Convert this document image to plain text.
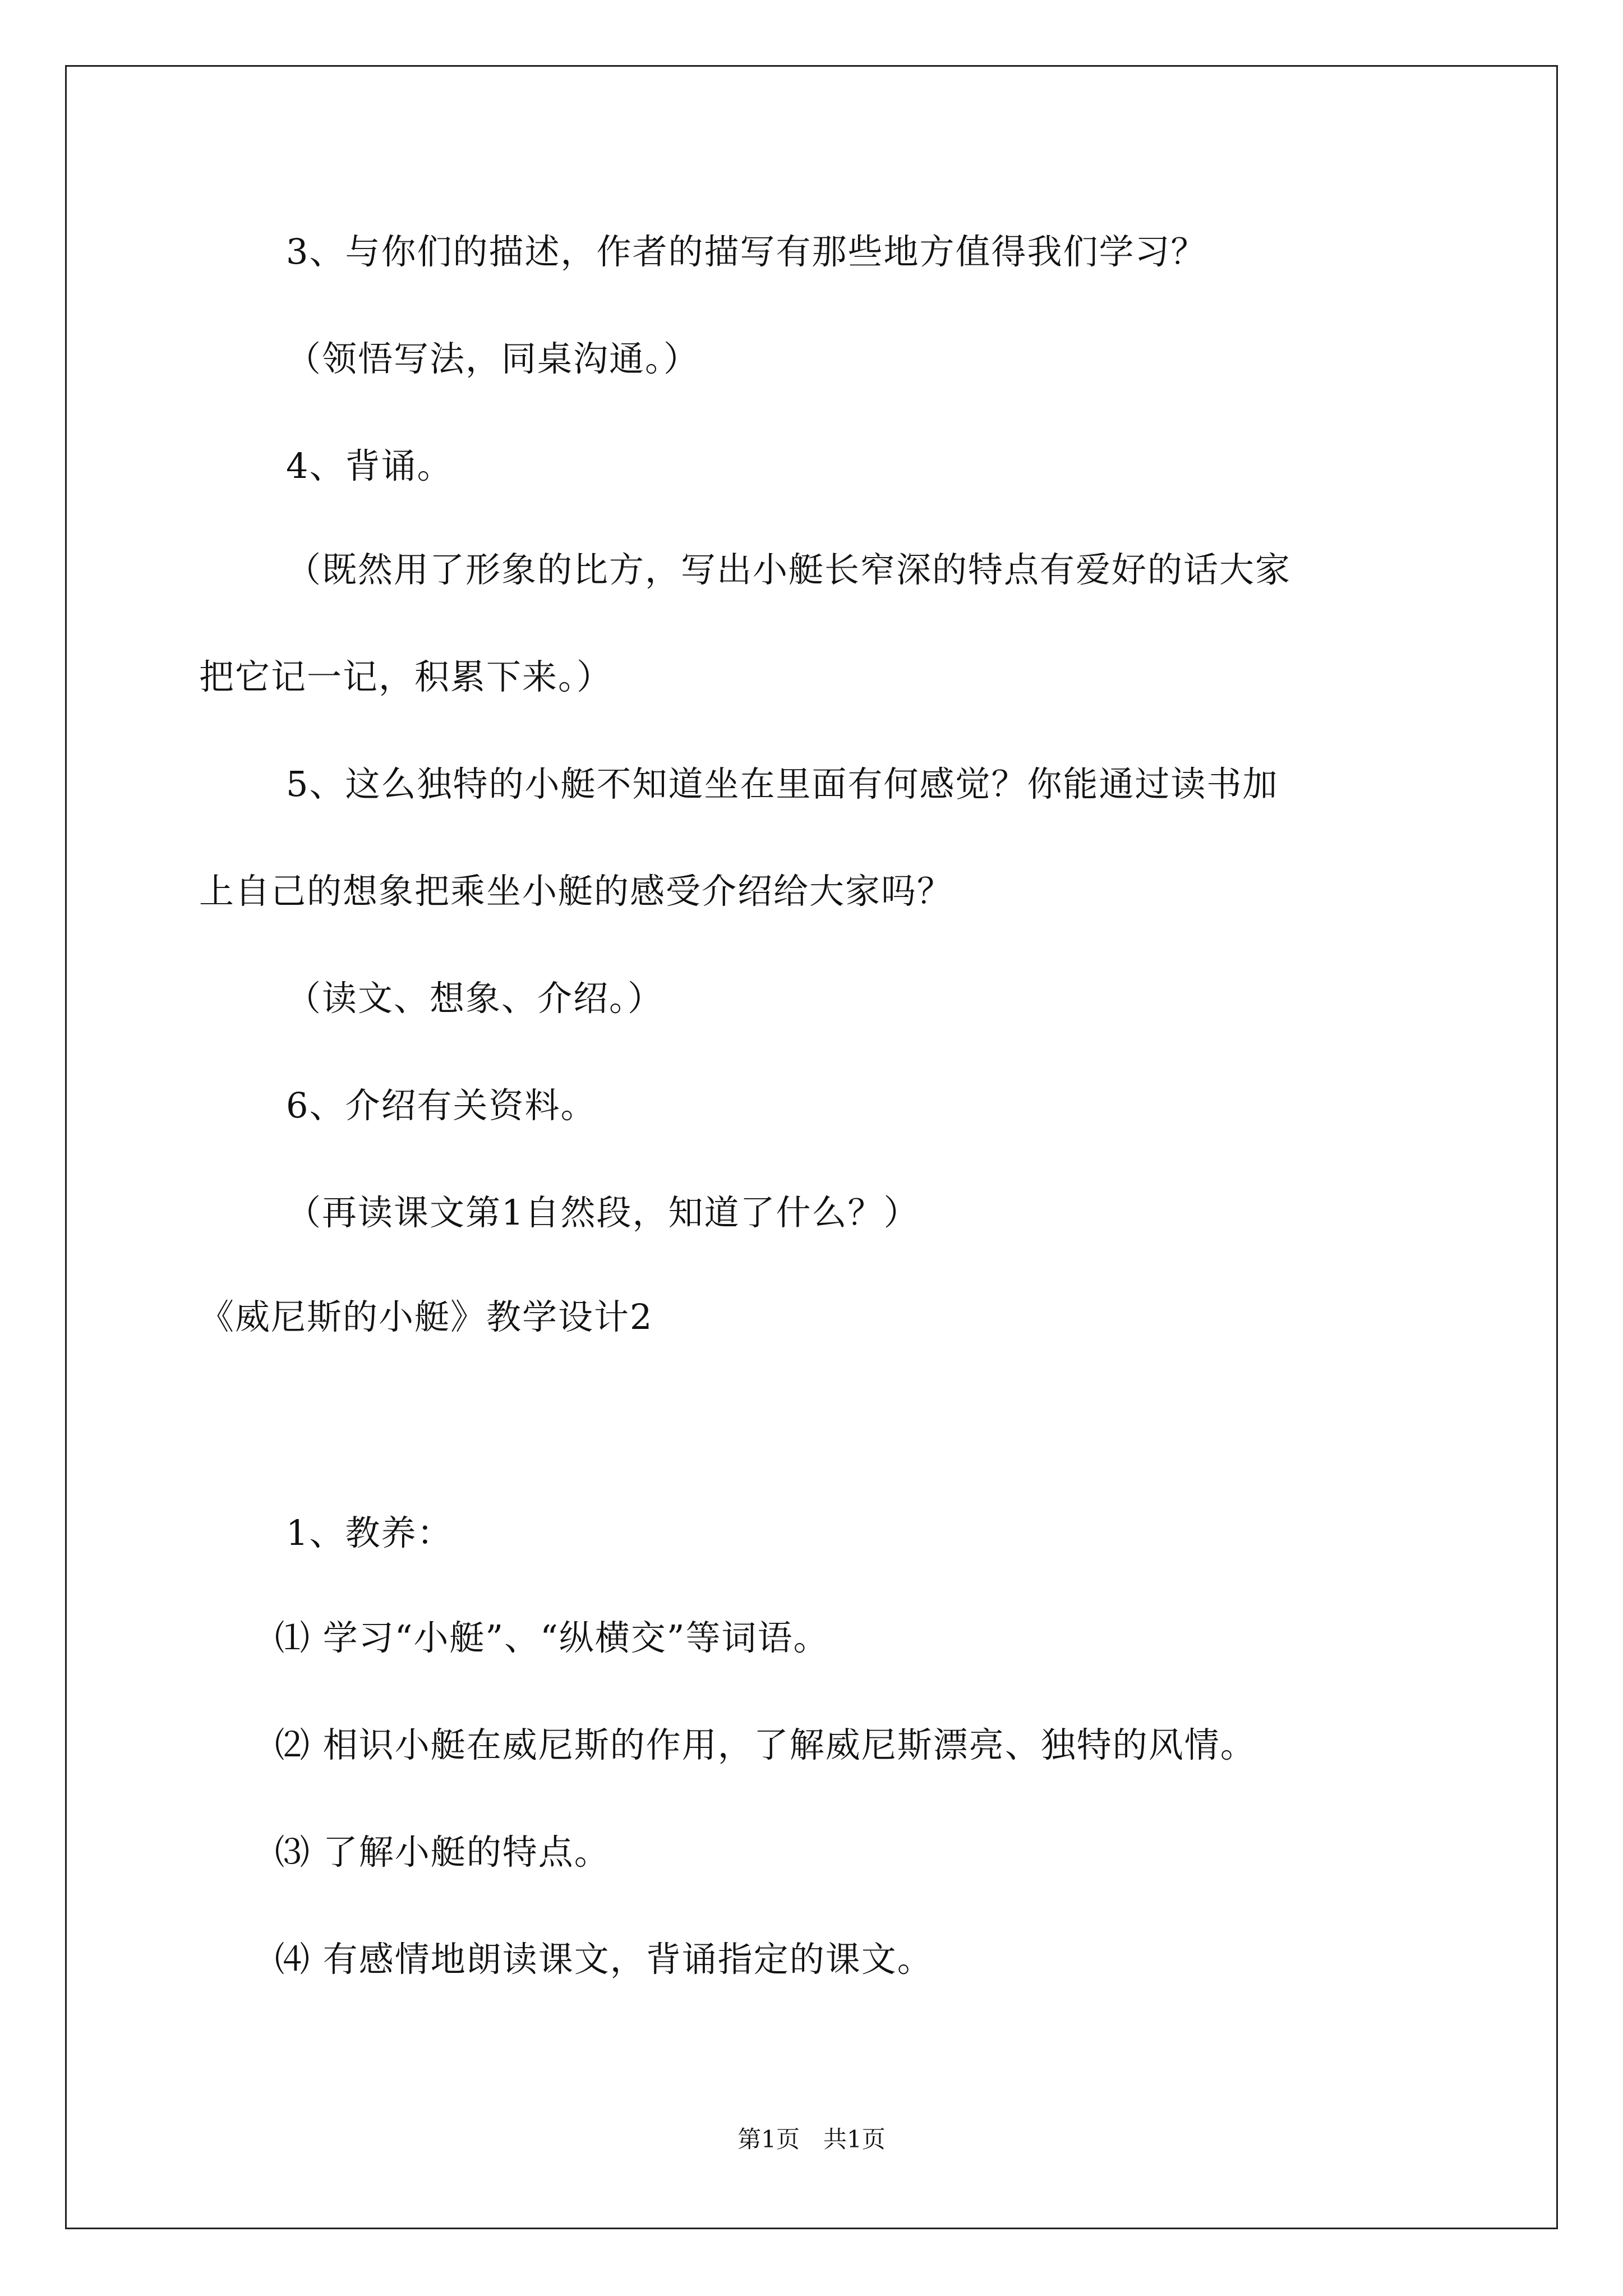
3、与你们的描述，作者的描写有那些地方值得我们学习？
（领悟写法，同桌沟通。）
4、背诵。
（既然用了形象的比方，写出小艇长窄深的特点有爱好的话大家
把它记一记，积累下来。）
5、这么独特的小艇不知道坐在里面有何感觉？你能通过读书加
上自己的想象把乘坐小艇的感受介绍给大家吗？
（读文、想象、介绍。）
6、介绍有关资料。
（再读课文第1自然段，知道了什么？）
《威尼斯的小艇》教学设计2
1、教养：
⑴ 学习“小艇”、“纵横交”等词语。
⑵ 相识小艇在威尼斯的作用，了解威尼斯漂亮、独特的风情。
⑶ 了解小艇的特点。
⑷ 有感情地朗读课文，背诵指定的课文。
第1页　共1页
